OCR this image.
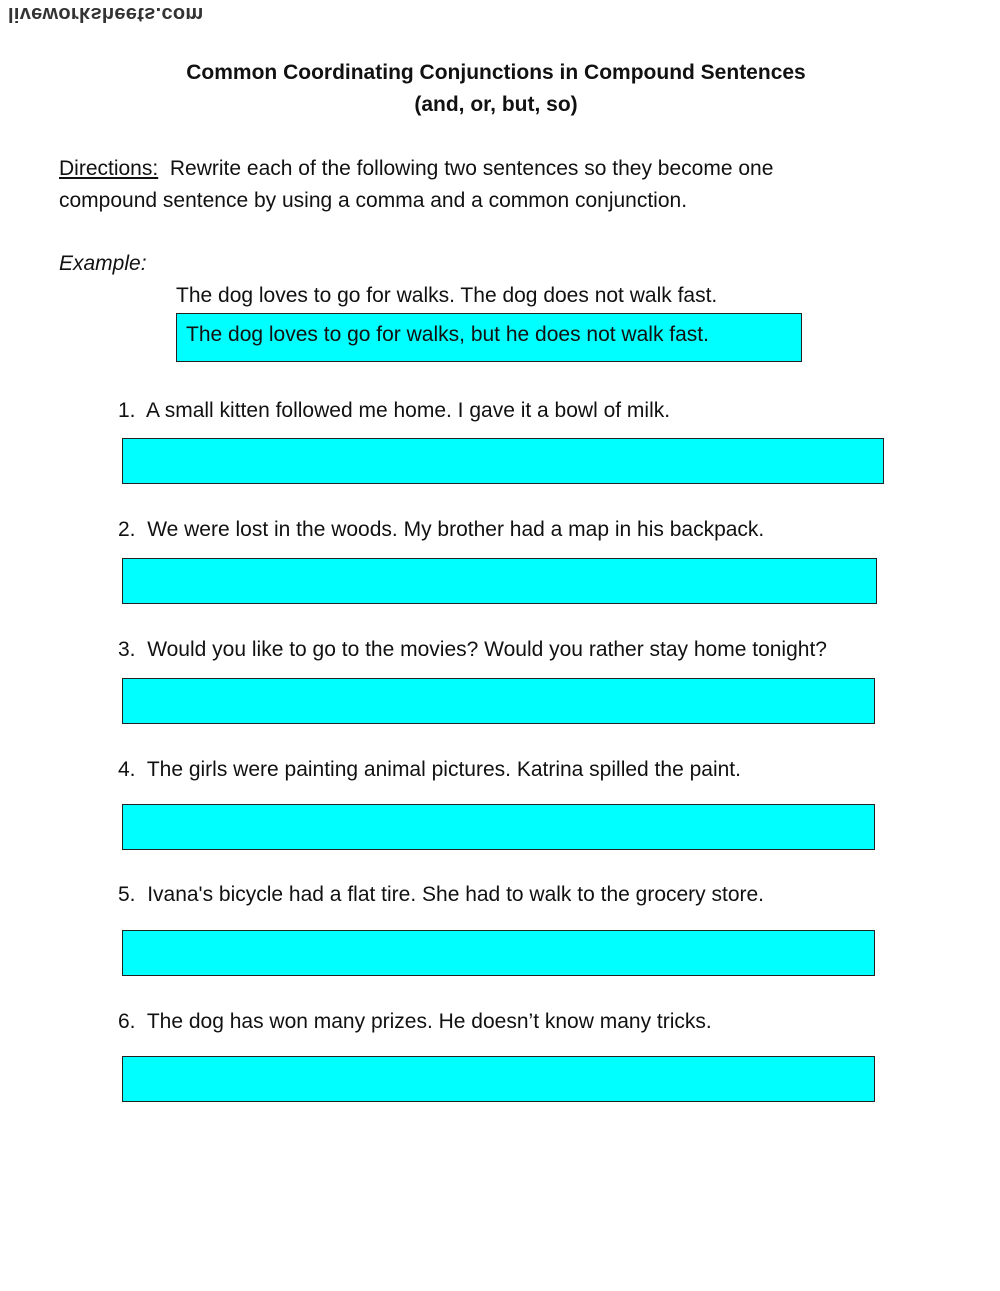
liveworksheets.com
Common Coordinating Conjunctions in Compound Sentences
(and, or, but, so)
Directions: Rewrite each of the following two sentences so they become one
compound sentence by using a comma and a common conjunction.
Example:
The dog loves to go for walks. The dog does not walk fast.
The dog loves to go for walks, but he does not walk fast.
1. A small kitten followed me home. I gave it a bowl of milk.
2. We were lost in the woods. My brother had a map in his backpack.
3. Would you like to go to the movies? Would you rather stay home tonight?
4. The girls were painting animal pictures. Katrina spilled the paint.
5. Ivana's bicycle had a flat tire. She had to walk to the grocery store.
6. The dog has won many prizes. He doesn’t know many tricks.
